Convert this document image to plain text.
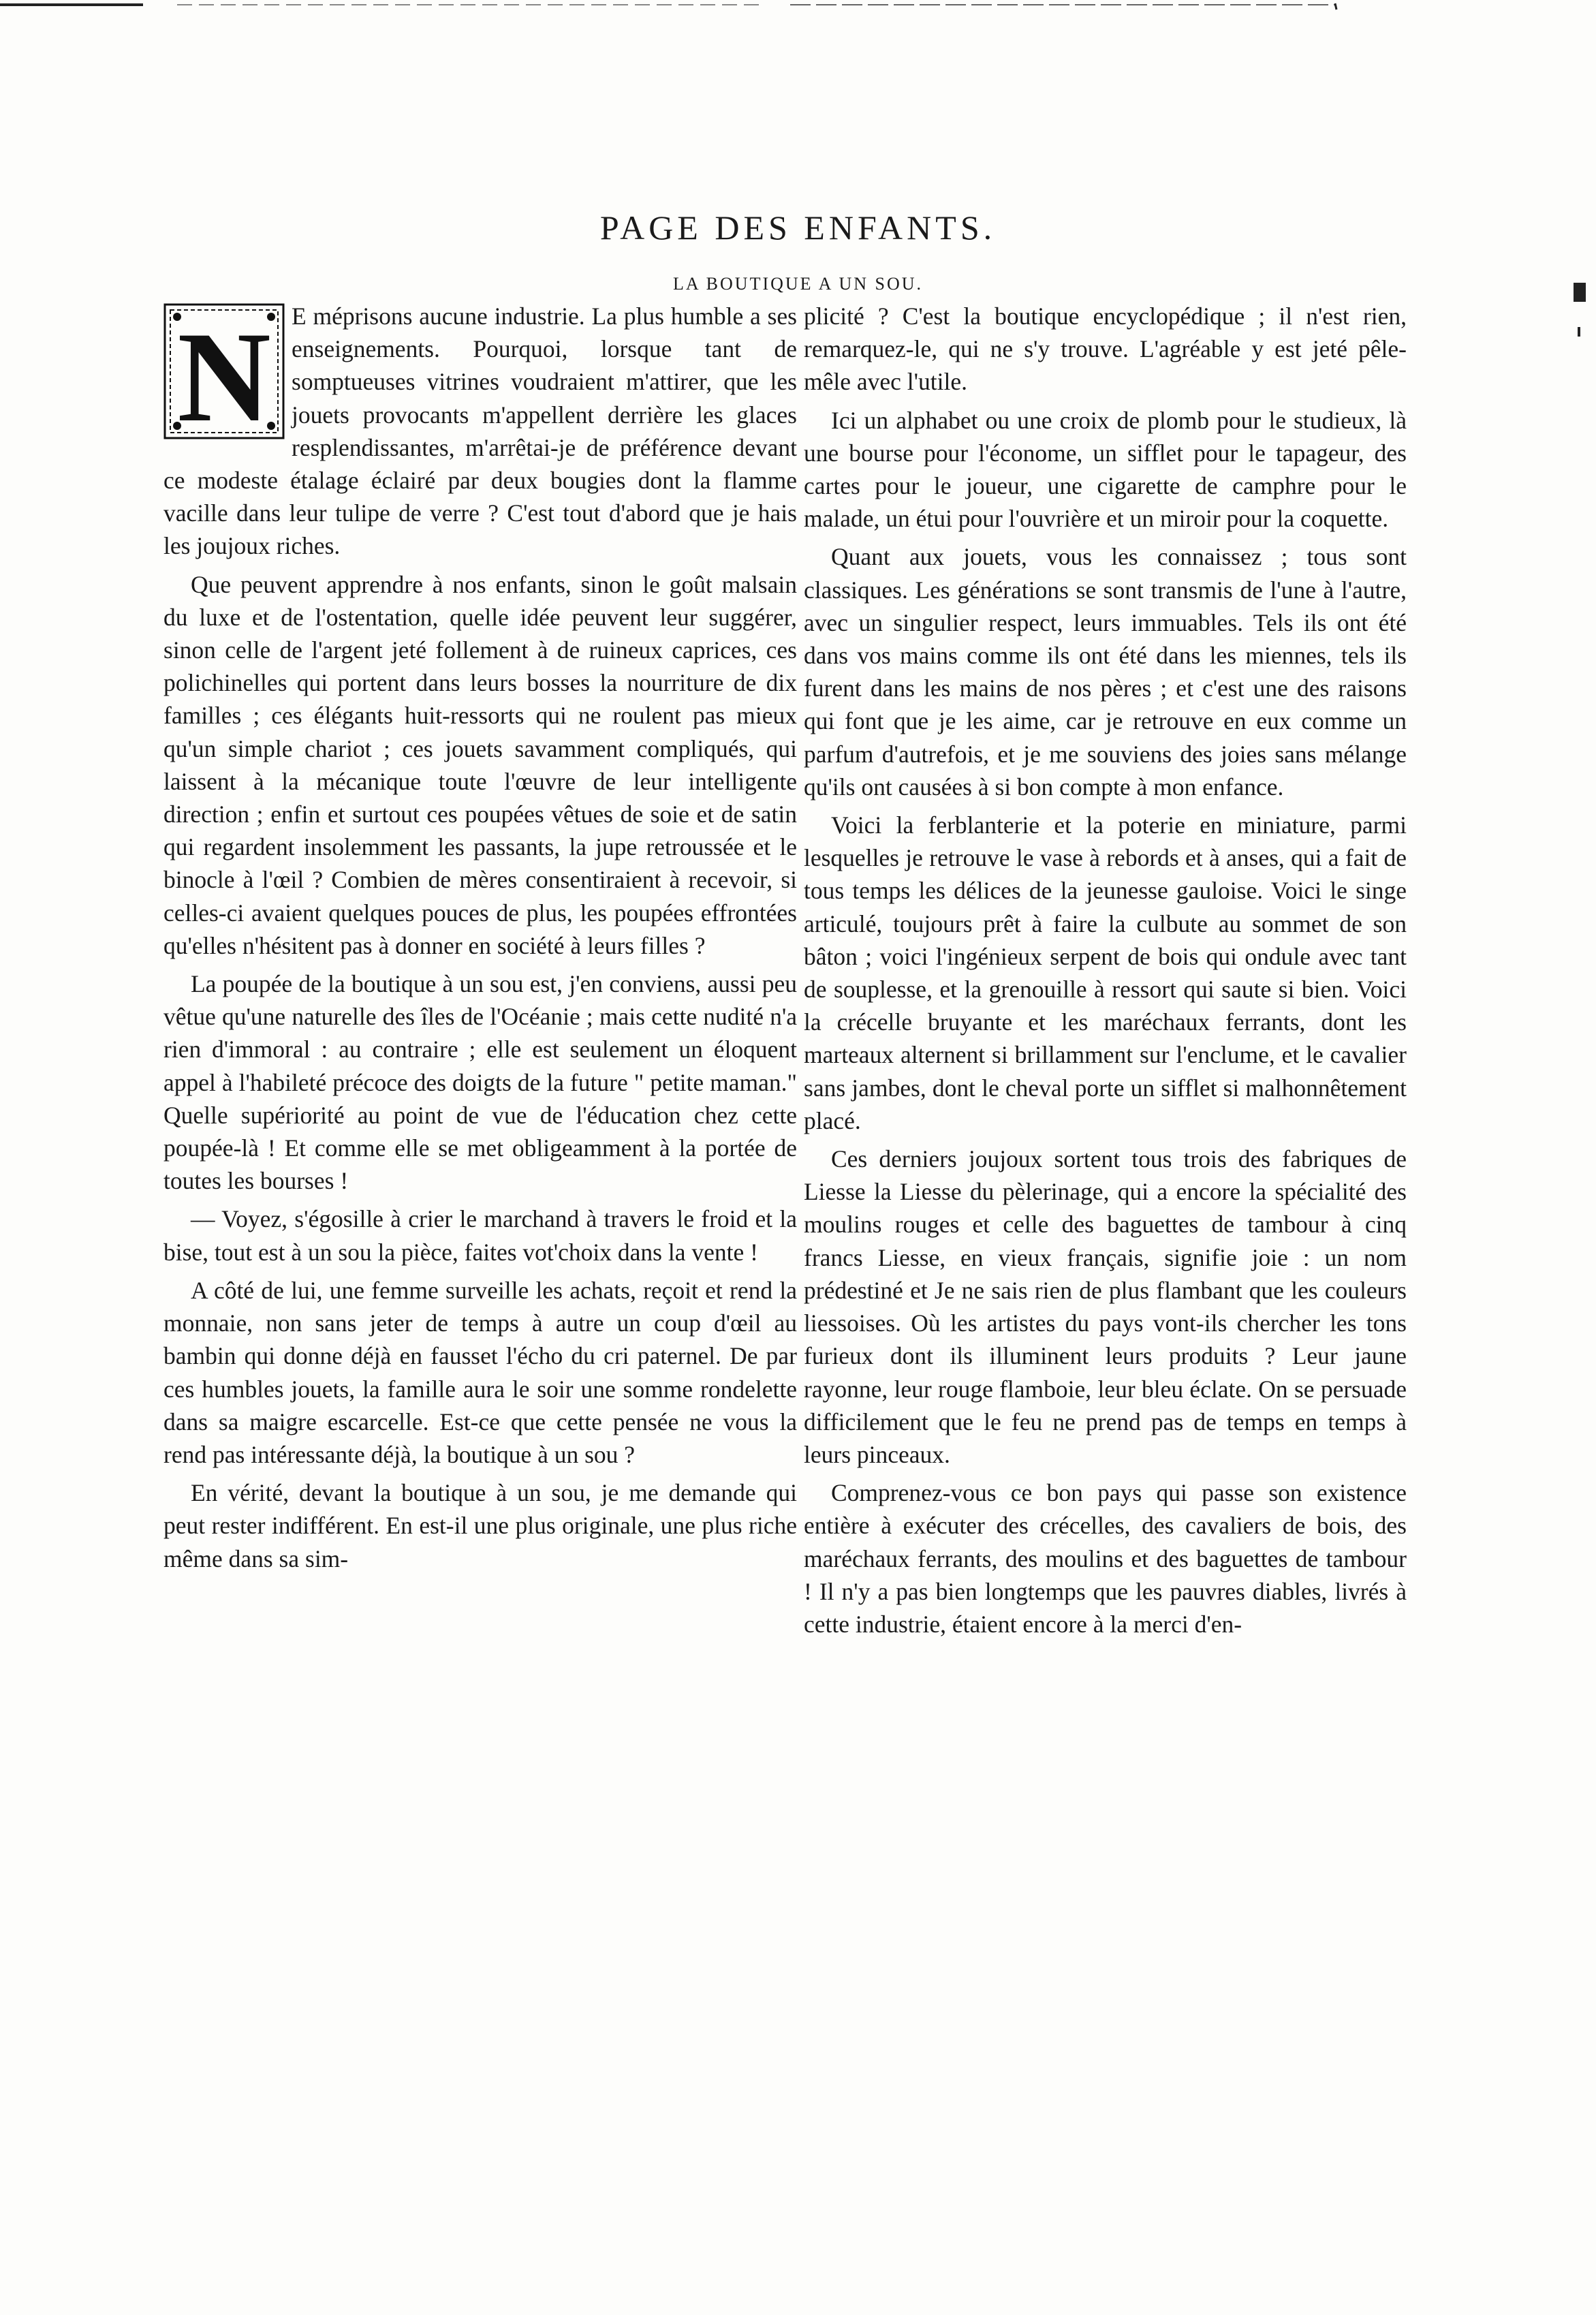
PAGE DES ENFANTS.
LA BOUTIQUE A UN SOU.

N E méprisons aucune industrie. La plus humble a ses enseignements. Pourquoi, lorsque tant de somptueuses vitrines voudraient m'attirer, que les jouets provocants m'appellent derrière les glaces resplendissantes, m'arrêtai-je de préférence devant ce modeste étalage éclairé par deux bougies dont la flamme vacille dans leur tulipe de verre ? C'est tout d'abord que je hais les joujoux riches.

Que peuvent apprendre à nos enfants, sinon le goût malsain du luxe et de l'ostentation, quelle idée peuvent leur suggérer, sinon celle de l'argent jeté follement à de ruineux caprices, ces polichinelles qui portent dans leurs bosses la nourriture de dix familles ; ces élégants huit-ressorts qui ne roulent pas mieux qu'un simple chariot ; ces jouets savamment compliqués, qui laissent à la mécanique toute l'œuvre de leur intelligente direction ; enfin et surtout ces poupées vêtues de soie et de satin qui regardent insolemment les passants, la jupe retroussée et le binocle à l'œil ? Combien de mères consentiraient à recevoir, si celles-ci avaient quelques pouces de plus, les poupées effrontées qu'elles n'hésitent pas à donner en société à leurs filles ?

La poupée de la boutique à un sou est, j'en conviens, aussi peu vêtue qu'une naturelle des îles de l'Océanie ; mais cette nudité n'a rien d'immoral : au contraire ; elle est seulement un éloquent appel à l'habileté précoce des doigts de la future " petite maman." Quelle supériorité au point de vue de l'éducation chez cette poupée-là ! Et comme elle se met obligeamment à la portée de toutes les bourses !

— Voyez, s'égosille à crier le marchand à travers le froid et la bise, tout est à un sou la pièce, faites vot'choix dans la vente !

A côté de lui, une femme surveille les achats, reçoit et rend la monnaie, non sans jeter de temps à autre un coup d'œil au bambin qui donne déjà en fausset l'écho du cri paternel. De par ces humbles jouets, la famille aura le soir une somme rondelette dans sa maigre escarcelle. Est-ce que cette pensée ne vous la rend pas intéressante déjà, la boutique à un sou ?

En vérité, devant la boutique à un sou, je me demande qui peut rester indifférent. En est-il une plus originale, une plus riche même dans sa sim-

plicité ? C'est la boutique encyclopédique ; il n'est rien, remarquez-le, qui ne s'y trouve. L'agréable y est jeté pêle-mêle avec l'utile.

Ici un alphabet ou une croix de plomb pour le studieux, là une bourse pour l'économe, un sifflet pour le tapageur, des cartes pour le joueur, une cigarette de camphre pour le malade, un étui pour l'ouvrière et un miroir pour la coquette.

Quant aux jouets, vous les connaissez ; tous sont classiques. Les générations se sont transmis de l'une à l'autre, avec un singulier respect, leurs immuables. Tels ils ont été dans vos mains comme ils ont été dans les miennes, tels ils furent dans les mains de nos pères ; et c'est une des raisons qui font que je les aime, car je retrouve en eux comme un parfum d'autrefois, et je me souviens des joies sans mélange qu'ils ont causées à si bon compte à mon enfance.

Voici la ferblanterie et la poterie en miniature, parmi lesquelles je retrouve le vase à rebords et à anses, qui a fait de tous temps les délices de la jeunesse gauloise. Voici le singe articulé, toujours prêt à faire la culbute au sommet de son bâton ; voici l'ingénieux serpent de bois qui ondule avec tant de souplesse, et la grenouille à ressort qui saute si bien. Voici la crécelle bruyante et les maréchaux ferrants, dont les marteaux alternent si brillamment sur l'enclume, et le cavalier sans jambes, dont le cheval porte un sifflet si malhonnêtement placé.

Ces derniers joujoux sortent tous trois des fabriques de Liesse la Liesse du pèlerinage, qui a encore la spécialité des moulins rouges et celle des baguettes de tambour à cinq francs Liesse, en vieux français, signifie joie : un nom prédestiné et Je ne sais rien de plus flambant que les couleurs liessoises. Où les artistes du pays vont-ils chercher les tons furieux dont ils illuminent leurs produits ? Leur jaune rayonne, leur rouge flamboie, leur bleu éclate. On se persuade difficilement que le feu ne prend pas de temps en temps à leurs pinceaux.

Comprenez-vous ce bon pays qui passe son existence entière à exécuter des crécelles, des cavaliers de bois, des maréchaux ferrants, des moulins et des baguettes de tambour ! Il n'y a pas bien longtemps que les pauvres diables, livrés à cette industrie, étaient encore à la merci d'en-
